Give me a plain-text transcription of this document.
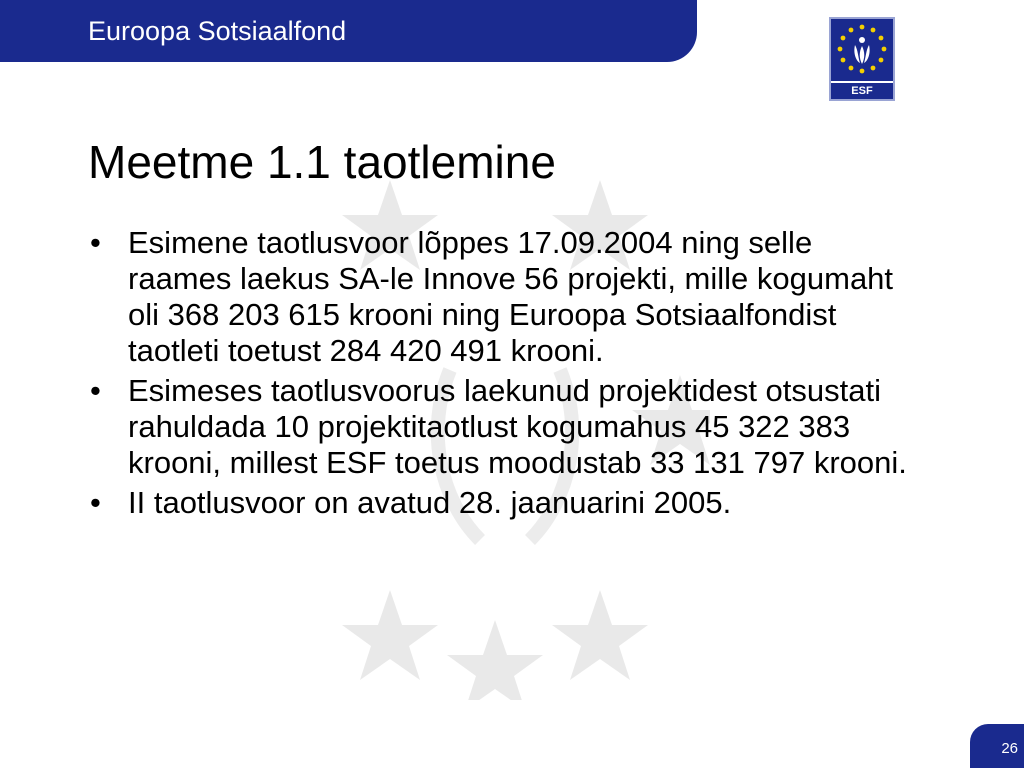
Euroopa Sotsiaalfond
ESF
Meetme 1.1 taotlemine
• Esimene taotlusvoor lõppes 17.09.2004 ning selle raames laekus SA-le Innove 56 projekti, mille kogumaht oli 368 203 615 krooni ning Euroopa Sotsiaalfondist taotleti toetust 284 420 491 krooni.
• Esimeses taotlusvoorus laekunud projektidest otsustati rahuldada 10 projektitaotlust kogumahus 45 322 383 krooni, millest ESF toetus moodustab 33 131 797 krooni.
• II taotlusvoor on avatud 28. jaanuarini 2005.
26
